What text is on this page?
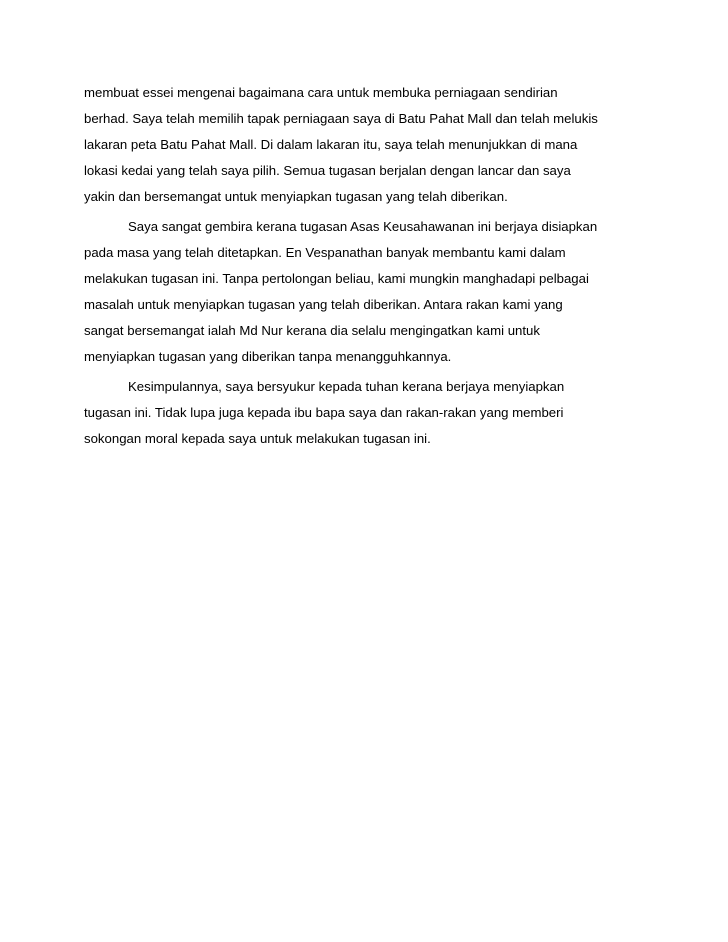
membuat essei mengenai bagaimana cara untuk membuka perniagaan sendirian
berhad. Saya telah memilih tapak perniagaan saya di Batu Pahat Mall dan telah melukis
lakaran peta Batu Pahat Mall. Di dalam lakaran itu, saya telah menunjukkan di mana
lokasi kedai yang telah saya pilih. Semua tugasan berjalan dengan lancar dan saya
yakin dan bersemangat untuk menyiapkan tugasan yang telah diberikan.

Saya sangat gembira kerana tugasan Asas Keusahawanan ini berjaya disiapkan
pada masa yang telah ditetapkan. En Vespanathan banyak membantu kami dalam
melakukan tugasan ini. Tanpa pertolongan beliau, kami mungkin manghadapi pelbagai
masalah untuk menyiapkan tugasan yang telah diberikan. Antara rakan kami yang
sangat bersemangat ialah Md Nur kerana dia selalu mengingatkan kami untuk
menyiapkan tugasan yang diberikan tanpa menangguhkannya.

Kesimpulannya, saya bersyukur kepada tuhan kerana berjaya menyiapkan
tugasan ini. Tidak lupa juga kepada ibu bapa saya dan rakan-rakan yang memberi
sokongan moral kepada saya untuk melakukan tugasan ini.
